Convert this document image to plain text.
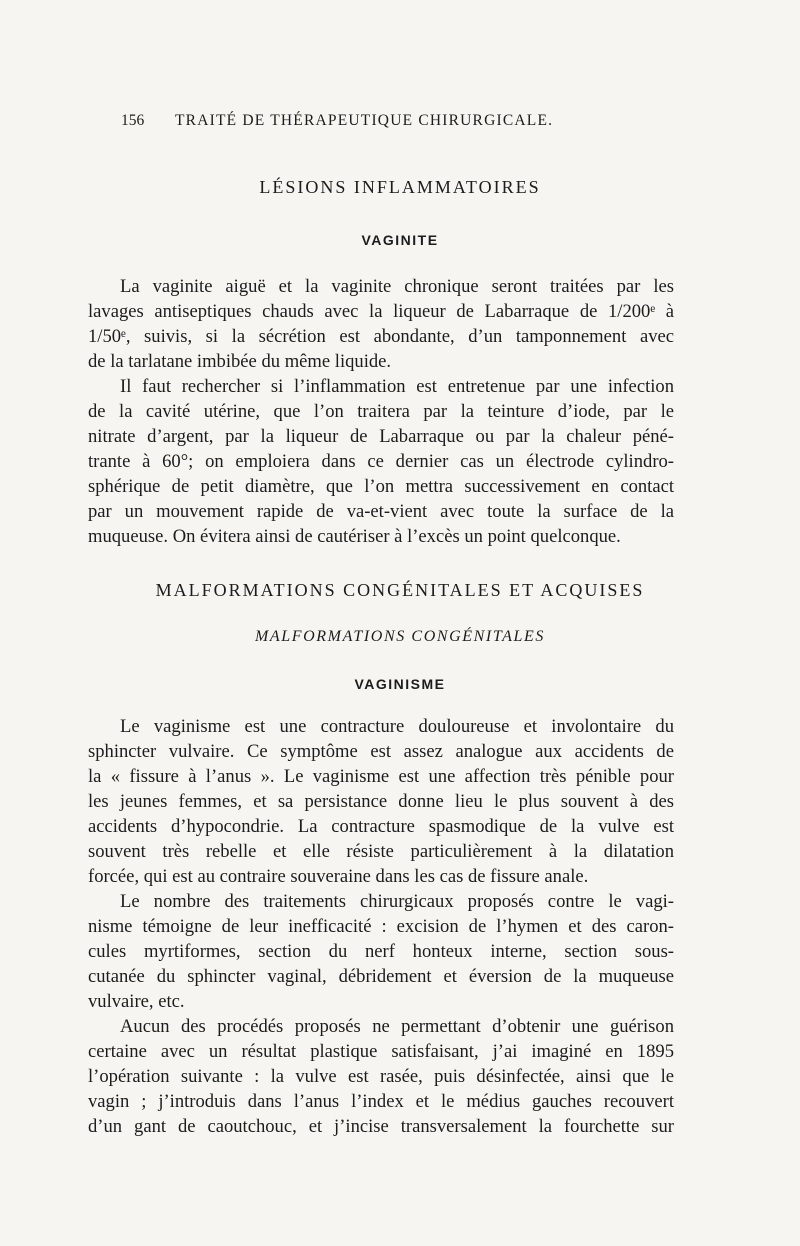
156 TRAITÉ DE THÉRAPEUTIQUE CHIRURGICALE.
LÉSIONS INFLAMMATOIRES
VAGINITE
La vaginite aiguë et la vaginite chronique seront traitées par les
lavages antiseptiques chauds avec la liqueur de Labarraque de 1/200ᵉ à
1/50ᵉ, suivis, si la sécrétion est abondante, d’un tamponnement avec
de la tarlatane imbibée du même liquide.
Il faut rechercher si l’inflammation est entretenue par une infection
de la cavité utérine, que l’on traitera par la teinture d’iode, par le
nitrate d’argent, par la liqueur de Labarraque ou par la chaleur péné-
trante à 60°; on emploiera dans ce dernier cas un électrode cylindro-
sphérique de petit diamètre, que l’on mettra successivement en contact
par un mouvement rapide de va-et-vient avec toute la surface de la
muqueuse. On évitera ainsi de cautériser à l’excès un point quelconque.
MALFORMATIONS CONGÉNITALES ET ACQUISES
MALFORMATIONS CONGÉNITALES
VAGINISME
Le vaginisme est une contracture douloureuse et involontaire du
sphincter vulvaire. Ce symptôme est assez analogue aux accidents de
la « fissure à l’anus ». Le vaginisme est une affection très pénible pour
les jeunes femmes, et sa persistance donne lieu le plus souvent à des
accidents d’hypocondrie. La contracture spasmodique de la vulve est
souvent très rebelle et elle résiste particulièrement à la dilatation
forcée, qui est au contraire souveraine dans les cas de fissure anale.
Le nombre des traitements chirurgicaux proposés contre le vagi-
nisme témoigne de leur inefficacité : excision de l’hymen et des caron-
cules myrtiformes, section du nerf honteux interne, section sous-
cutanée du sphincter vaginal, débridement et éversion de la muqueuse
vulvaire, etc.
Aucun des procédés proposés ne permettant d’obtenir une guérison
certaine avec un résultat plastique satisfaisant, j’ai imaginé en 1895
l’opération suivante : la vulve est rasée, puis désinfectée, ainsi que le
vagin ; j’introduis dans l’anus l’index et le médius gauches recouvert
d’un gant de caoutchouc, et j’incise transversalement la fourchette sur
